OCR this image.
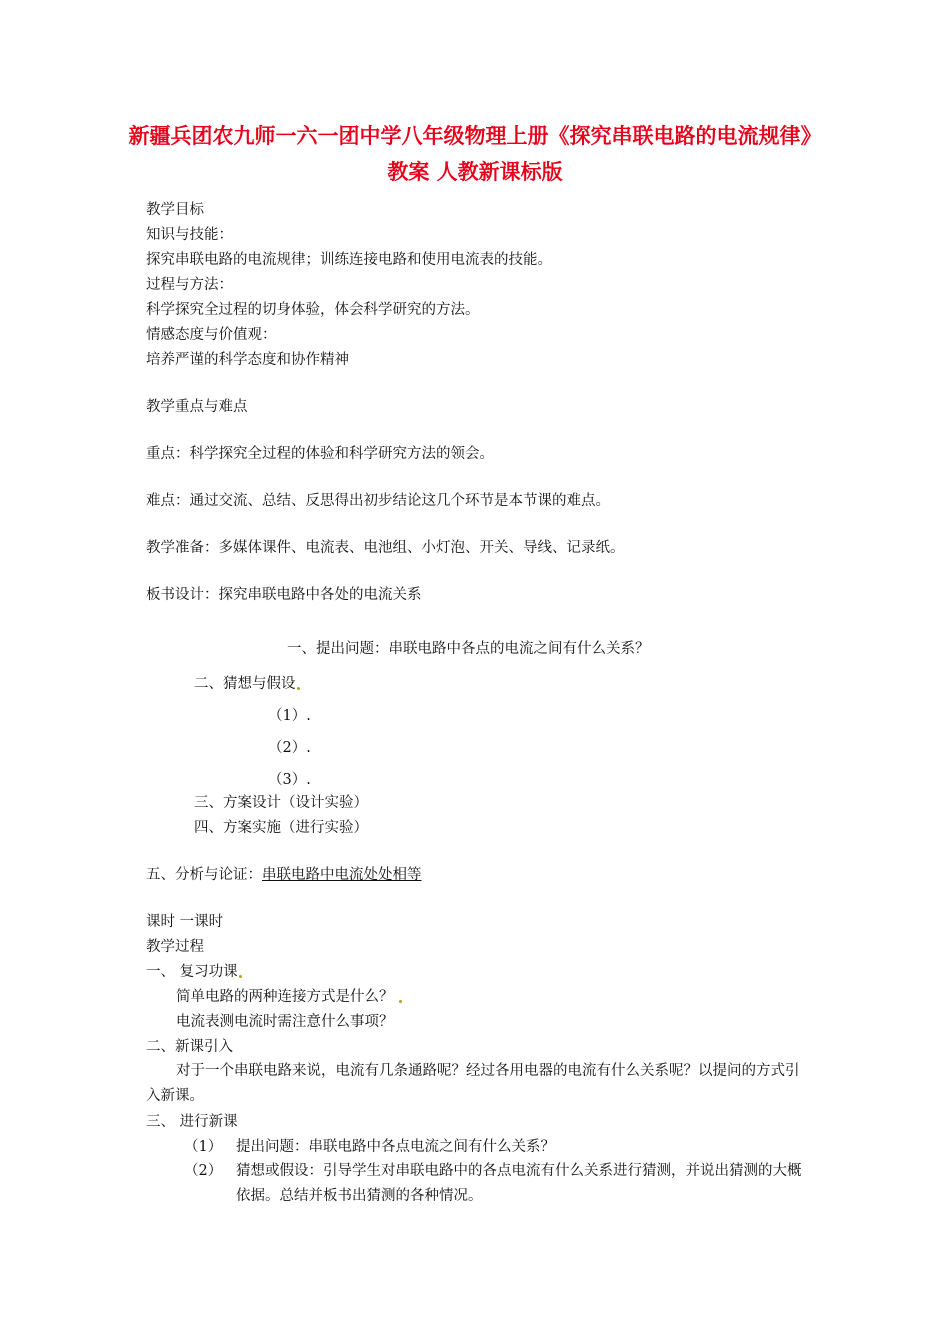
新疆兵团农九师一六一团中学八年级物理上册《探究串联电路的电流规律》教案 人教新课标版

教学目标

知识与技能：

探究串联电路的电流规律；训练连接电路和使用电流表的技能。

过程与方法：

科学探究全过程的切身体验，体会科学研究的方法。

情感态度与价值观：

培养严谨的科学态度和协作精神

教学重点与难点

重点：科学探究全过程的体验和科学研究方法的领会。

难点：通过交流、总结、反思得出初步结论这几个环节是本节课的难点。

教学准备：多媒体课件、电流表、电池组、小灯泡、开关、导线、记录纸。

板书设计：探究串联电路中各处的电流关系

一、提出问题：串联电路中各点的电流之间有什么关系？

二、猜想与假设

（1）.

（2）.

（3）.

三、方案设计（设计实验）

四、方案实施（进行实验）

五、分析与论证：串联电路中电流处处相等

课时 一课时

教学过程

一、 复习功课

简单电路的两种连接方式是什么？

电流表测电流时需注意什么事项？

二、新课引入

对于一个串联电路来说，电流有几条通路呢？经过各用电器的电流有什么关系呢？以提问的方式引入新课。

三、 进行新课

（1） 提出问题：串联电路中各点电流之间有什么关系？

（2） 猜想或假设：引导学生对串联电路中的各点电流有什么关系进行猜测，并说出猜测的大概依据。总结并板书出猜测的各种情况。
